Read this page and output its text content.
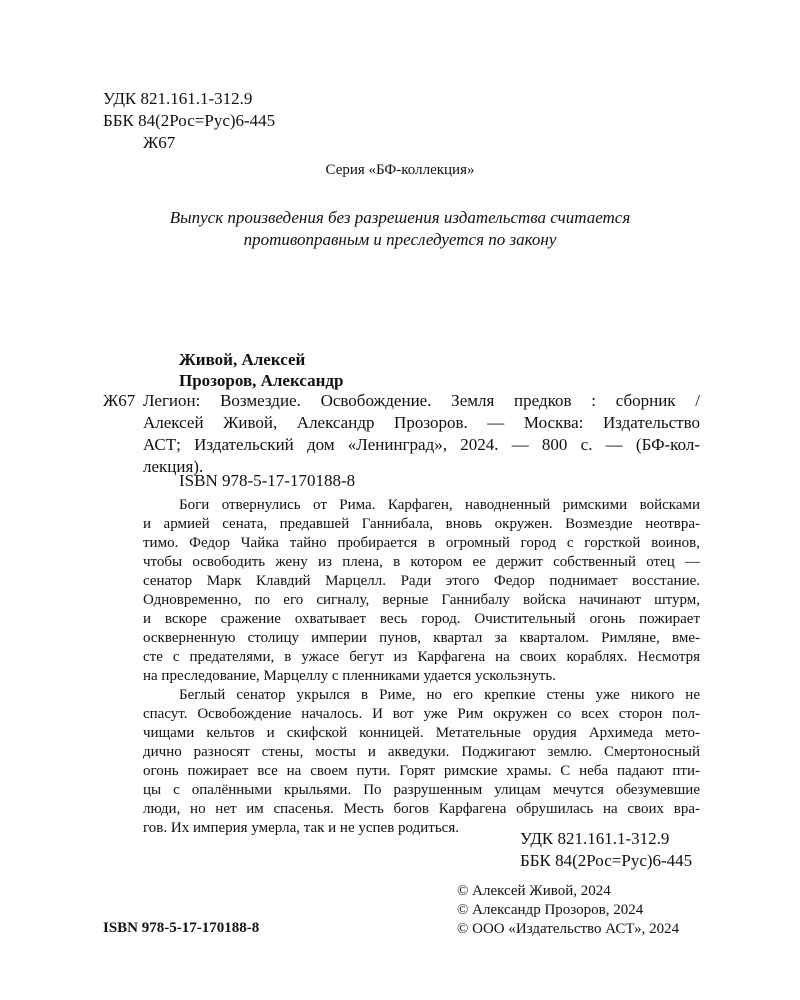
УДК 821.161.1-312.9
ББК 84(2Рос=Рус)6-445
Ж67
Серия «БФ-коллекция»
Выпуск произведения без разрешения издательства считается
противоправным и преследуется по закону
Живой, Алексей
Прозоров, Александр
Ж67 Легион: Возмездие. Освобождение. Земля предков : сборник /
Алексей Живой, Александр Прозоров. — Москва: Издательство
АСТ; Издательский дом «Ленинград», 2024. — 800 с. — (БФ-кол-
лекция).
ISBN 978-5-17-170188-8
Боги отвернулись от Рима. Карфаген, наводненный римскими войсками
и армией сената, предавшей Ганнибала, вновь окружен. Возмездие неотвра-
тимо. Федор Чайка тайно пробирается в огромный город с горсткой воинов,
чтобы освободить жену из плена, в котором ее держит собственный отец —
сенатор Марк Клавдий Марцелл. Ради этого Федор поднимает восстание.
Одновременно, по его сигналу, верные Ганнибалу войска начинают штурм,
и вскоре сражение охватывает весь город. Очистительный огонь пожирает
оскверненную столицу империи пунов, квартал за кварталом. Римляне, вме-
сте с предателями, в ужасе бегут из Карфагена на своих кораблях. Несмотря
на преследование, Марцеллу с пленниками удается ускользнуть.
Беглый сенатор укрылся в Риме, но его крепкие стены уже никого не
спасут. Освобождение началось. И вот уже Рим окружен со всех сторон пол-
чищами кельтов и скифской конницей. Метательные орудия Архимеда мето-
дично разносят стены, мосты и акведуки. Поджигают землю. Смертоносный
огонь пожирает все на своем пути. Горят римские храмы. С неба падают пти-
цы с опалёнными крыльями. По разрушенным улицам мечутся обезумевшие
люди, но нет им спасенья. Месть богов Карфагена обрушилась на своих вра-
гов. Их империя умерла, так и не успев родиться.
УДК 821.161.1-312.9
ББК 84(2Рос=Рус)6-445
© Алексей Живой, 2024
© Александр Прозоров, 2024
© ООО «Издательство АСТ», 2024
ISBN 978-5-17-170188-8
